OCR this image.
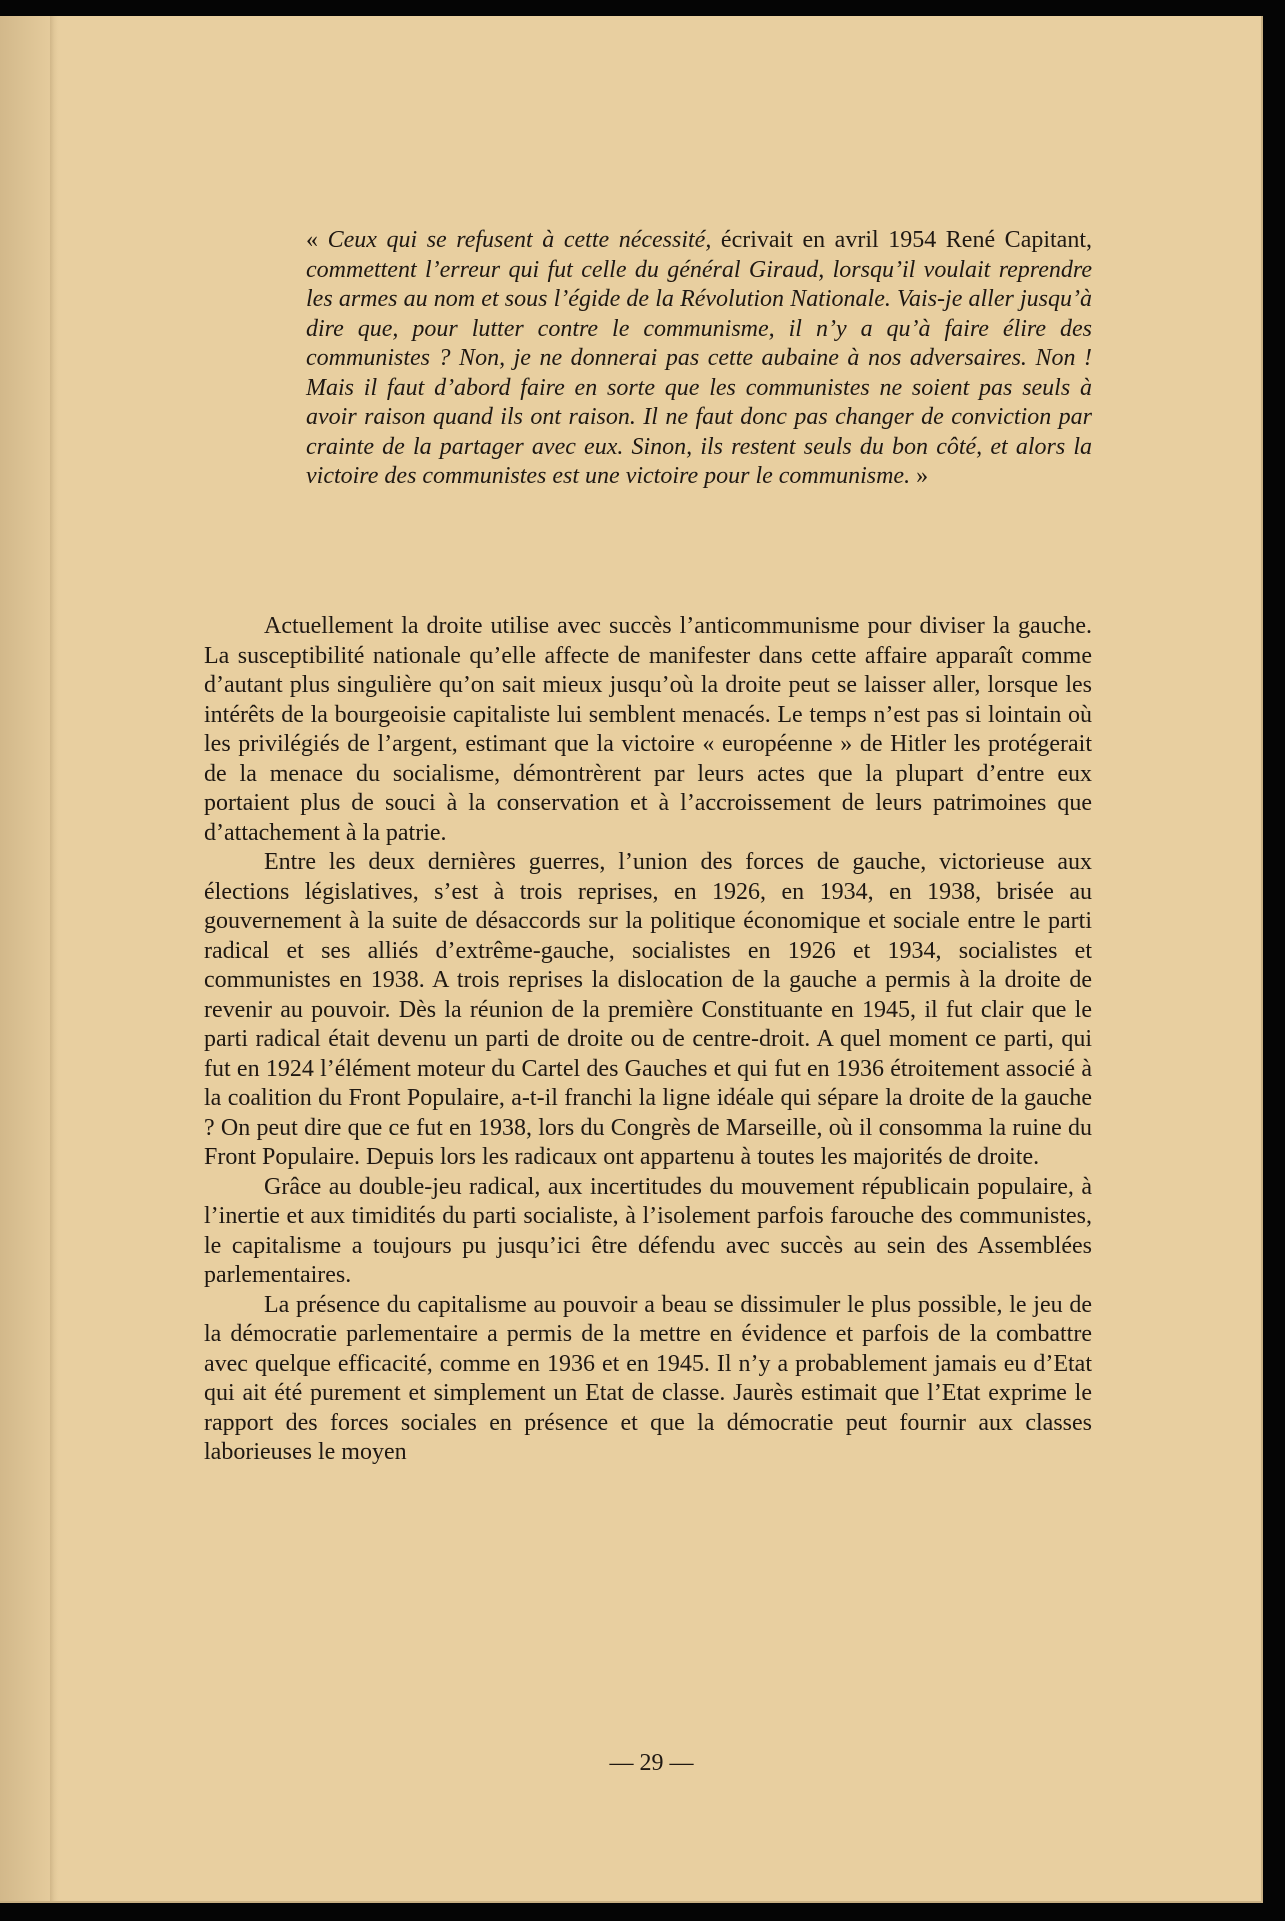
« Ceux qui se refusent à cette nécessité, écrivait en avril 1954 René Capitant, commettent l’erreur qui fut celle du général Giraud, lorsqu’il voulait reprendre les armes au nom et sous l’égide de la Révolution Nationale. Vais-je aller jusqu’à dire que, pour lutter contre le communisme, il n’y a qu’à faire élire des communistes ? Non, je ne donnerai pas cette aubaine à nos adversaires. Non ! Mais il faut d’abord faire en sorte que les communistes ne soient pas seuls à avoir raison quand ils ont raison. Il ne faut donc pas changer de conviction par crainte de la partager avec eux. Sinon, ils restent seuls du bon côté, et alors la victoire des communistes est une victoire pour le communisme. »

Actuellement la droite utilise avec succès l’anticommunisme pour diviser la gauche. La susceptibilité nationale qu’elle affecte de manifester dans cette affaire apparaît comme d’autant plus singulière qu’on sait mieux jusqu’où la droite peut se laisser aller, lorsque les intérêts de la bourgeoisie capitaliste lui semblent menacés. Le temps n’est pas si lointain où les privilégiés de l’argent, estimant que la victoire « européenne » de Hitler les protégerait de la menace du socialisme, démontrèrent par leurs actes que la plupart d’entre eux portaient plus de souci à la conservation et à l’accroissement de leurs patrimoines que d’attachement à la patrie.

Entre les deux dernières guerres, l’union des forces de gauche, victorieuse aux élections législatives, s’est à trois reprises, en 1926, en 1934, en 1938, brisée au gouvernement à la suite de désaccords sur la politique économique et sociale entre le parti radical et ses alliés d’extrême-gauche, socialistes en 1926 et 1934, socialistes et communistes en 1938. A trois reprises la dislocation de la gauche a permis à la droite de revenir au pouvoir. Dès la réunion de la première Constituante en 1945, il fut clair que le parti radical était devenu un parti de droite ou de centre-droit. A quel moment ce parti, qui fut en 1924 l’élément moteur du Cartel des Gauches et qui fut en 1936 étroitement associé à la coalition du Front Populaire, a-t-il franchi la ligne idéale qui sépare la droite de la gauche ? On peut dire que ce fut en 1938, lors du Congrès de Marseille, où il consomma la ruine du Front Populaire. Depuis lors les radicaux ont appartenu à toutes les majorités de droite.

Grâce au double-jeu radical, aux incertitudes du mouvement républicain populaire, à l’inertie et aux timidités du parti socialiste, à l’isolement parfois farouche des communistes, le capitalisme a toujours pu jusqu’ici être défendu avec succès au sein des Assemblées parlementaires.

La présence du capitalisme au pouvoir a beau se dissimuler le plus possible, le jeu de la démocratie parlementaire a permis de la mettre en évidence et parfois de la combattre avec quelque efficacité, comme en 1936 et en 1945. Il n’y a probablement jamais eu d’Etat qui ait été purement et simplement un Etat de classe. Jaurès estimait que l’Etat exprime le rapport des forces sociales en présence et que la démocratie peut fournir aux classes laborieuses le moyen

— 29 —
